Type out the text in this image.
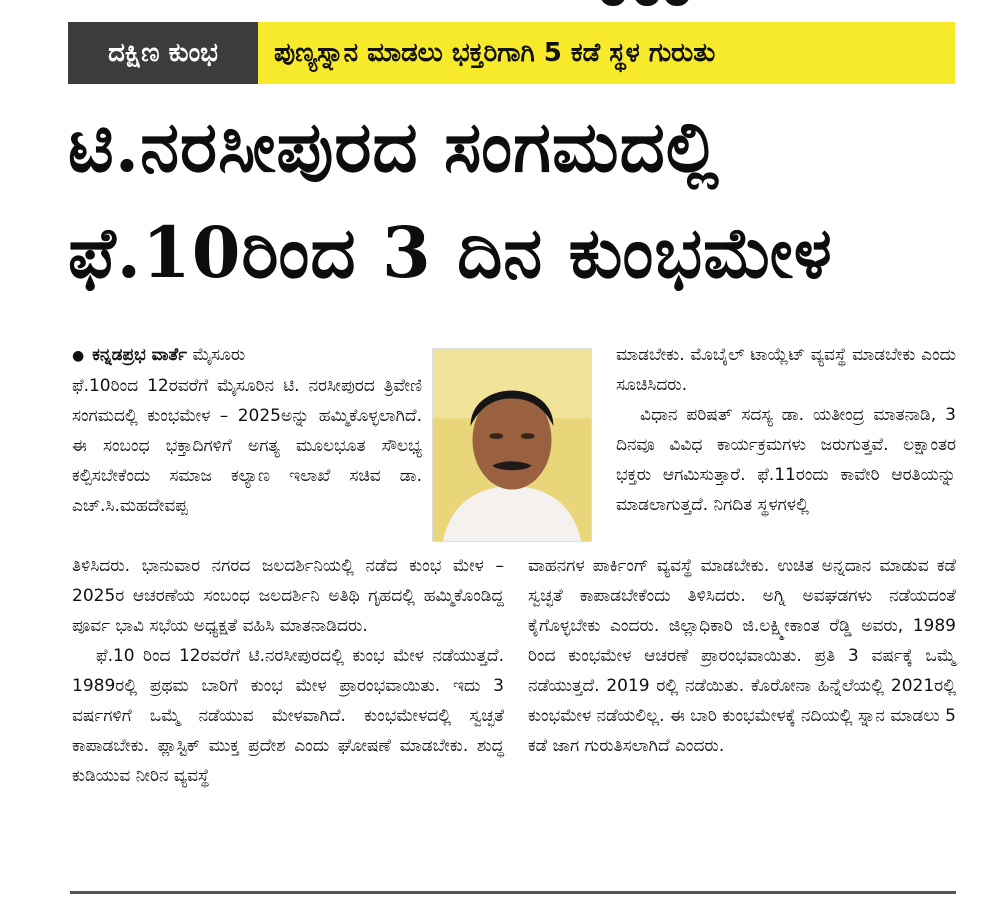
ದಕ್ಷಿಣ ಕುಂಭ	ಪುಣ್ಯಸ್ನಾನ ಮಾಡಲು ಭಕ್ತರಿಗಾಗಿ 5 ಕಡೆ ಸ್ಥಳ ಗುರುತು
ಟಿ.ನರಸೀಪುರದ ಸಂಗಮದಲ್ಲಿ
ಫೆ.10ರಿಂದ 3 ದಿನ ಕುಂಭಮೇಳ
● ಕನ್ನಡಪ್ರಭ ವಾರ್ತೆ ಮೈಸೂರು

ಫೆ.10ರಿಂದ 12ರವರೆಗೆ ಮೈಸೂರಿನ ಟಿ. ನರಸೀಪುರದ ತ್ರಿವೇಣಿ ಸಂಗಮದಲ್ಲಿ ಕುಂಭಮೇಳ – 2025ಅನ್ನು ಹಮ್ಮಿಕೊಳ್ಳಲಾಗಿದೆ. ಈ ಸಂಬಂಧ ಭಕ್ತಾದಿಗಳಿಗೆ ಅಗತ್ಯ ಮೂಲಭೂತ ಸೌಲಭ್ಯ ಕಲ್ಪಿಸಬೇಕೆಂದು ಸಮಾಜ ಕಲ್ಯಾಣ ಇಲಾಖೆ ಸಚಿವ ಡಾ. ಎಚ್.ಸಿ.ಮಹದೇವಪ್ಪ

ತಿಳಿಸಿದರು. ಭಾನುವಾರ ನಗರದ ಜಲದರ್ಶಿನಿಯಲ್ಲಿ ನಡೆದ ಕುಂಭ ಮೇಳ –2025ರ ಆಚರಣೆಯ ಸಂಬಂಧ ಜಲದರ್ಶಿನಿ ಅತಿಥಿ ಗೃಹದಲ್ಲಿ ಹಮ್ಮಿಕೊಂಡಿದ್ದ ಪೂರ್ವ ಭಾವಿ ಸಭೆಯ ಅಧ್ಯಕ್ಷತೆ ವಹಿಸಿ ಮಾತನಾಡಿದರು.

ಫೆ.10 ರಿಂದ 12ರವರೆಗೆ ಟಿ.ನರಸೀಪುರದಲ್ಲಿ ಕುಂಭ ಮೇಳ ನಡೆಯುತ್ತದೆ. 1989ರಲ್ಲಿ ಪ್ರಥಮ ಬಾರಿಗೆ ಕುಂಭ ಮೇಳ ಪ್ರಾರಂಭವಾಯಿತು. ಇದು 3 ವರ್ಷಗಳಿಗೆ ಒಮ್ಮೆ ನಡೆಯುವ ಮೇಳವಾಗಿದೆ. ಕುಂಭಮೇಳದಲ್ಲಿ ಸ್ವಚ್ಛತೆ ಕಾಪಾಡಬೇಕು. ಪ್ಲಾಸ್ಟಿಕ್ ಮುಕ್ತ ಪ್ರದೇಶ ಎಂದು ಘೋಷಣೆ ಮಾಡಬೇಕು. ಶುದ್ಧ ಕುಡಿಯುವ ನೀರಿನ ವ್ಯವಸ್ಥೆ

ಮಾಡಬೇಕು. ಮೊಬೈಲ್ ಟಾಯ್ಲೆಟ್ ವ್ಯವಸ್ಥೆ ಮಾಡಬೇಕು ಎಂದು ಸೂಚಿಸಿದರು.

ವಿಧಾನ ಪರಿಷತ್ ಸದಸ್ಯ ಡಾ. ಯತೀಂದ್ರ ಮಾತನಾಡಿ, 3 ದಿನವೂ ವಿವಿಧ ಕಾರ್ಯಕ್ರಮಗಳು ಜರುಗುತ್ತವೆ. ಲಕ್ಷಾಂತರ ಭಕ್ತರು ಆಗಮಿಸುತ್ತಾರೆ. ಫೆ.11ರಂದು ಕಾವೇರಿ ಆರತಿಯನ್ನು ಮಾಡಲಾಗುತ್ತದೆ. ನಿಗದಿತ ಸ್ಥಳಗಳಲ್ಲಿ

ವಾಹನಗಳ ಪಾರ್ಕಿಂಗ್ ವ್ಯವಸ್ಥೆ ಮಾಡಬೇಕು. ಉಚಿತ ಅನ್ನದಾನ ಮಾಡುವ ಕಡೆ ಸ್ವಚ್ಛತೆ ಕಾಪಾಡಬೇಕೆಂದು ತಿಳಿಸಿದರು. ಅಗ್ನಿ ಅವಘಡಗಳು ನಡೆಯದಂತೆ ಕೈಗೊಳ್ಳಬೇಕು ಎಂದರು. ಜಿಲ್ಲಾಧಿಕಾರಿ ಜಿ.ಲಕ್ಷ್ಮೀಕಾಂತ ರೆಡ್ಡಿ ಅವರು, 1989 ರಿಂದ ಕುಂಭಮೇಳ ಆಚರಣೆ ಪ್ರಾರಂಭವಾಯಿತು. ಪ್ರತಿ 3 ವರ್ಷಕ್ಕೆ ಒಮ್ಮೆ ನಡೆಯುತ್ತದೆ. 2019 ರಲ್ಲಿ ನಡೆಯಿತು. ಕೊರೋನಾ ಹಿನ್ನೆಲೆಯಲ್ಲಿ 2021ರಲ್ಲಿ ಕುಂಭಮೇಳ ನಡೆಯಲಿಲ್ಲ. ಈ ಬಾರಿ ಕುಂಭಮೇಳಕ್ಕೆ ನದಿಯಲ್ಲಿ ಸ್ನಾನ ಮಾಡಲು 5 ಕಡೆ ಜಾಗ ಗುರುತಿಸಲಾಗಿದೆ ಎಂದರು.
